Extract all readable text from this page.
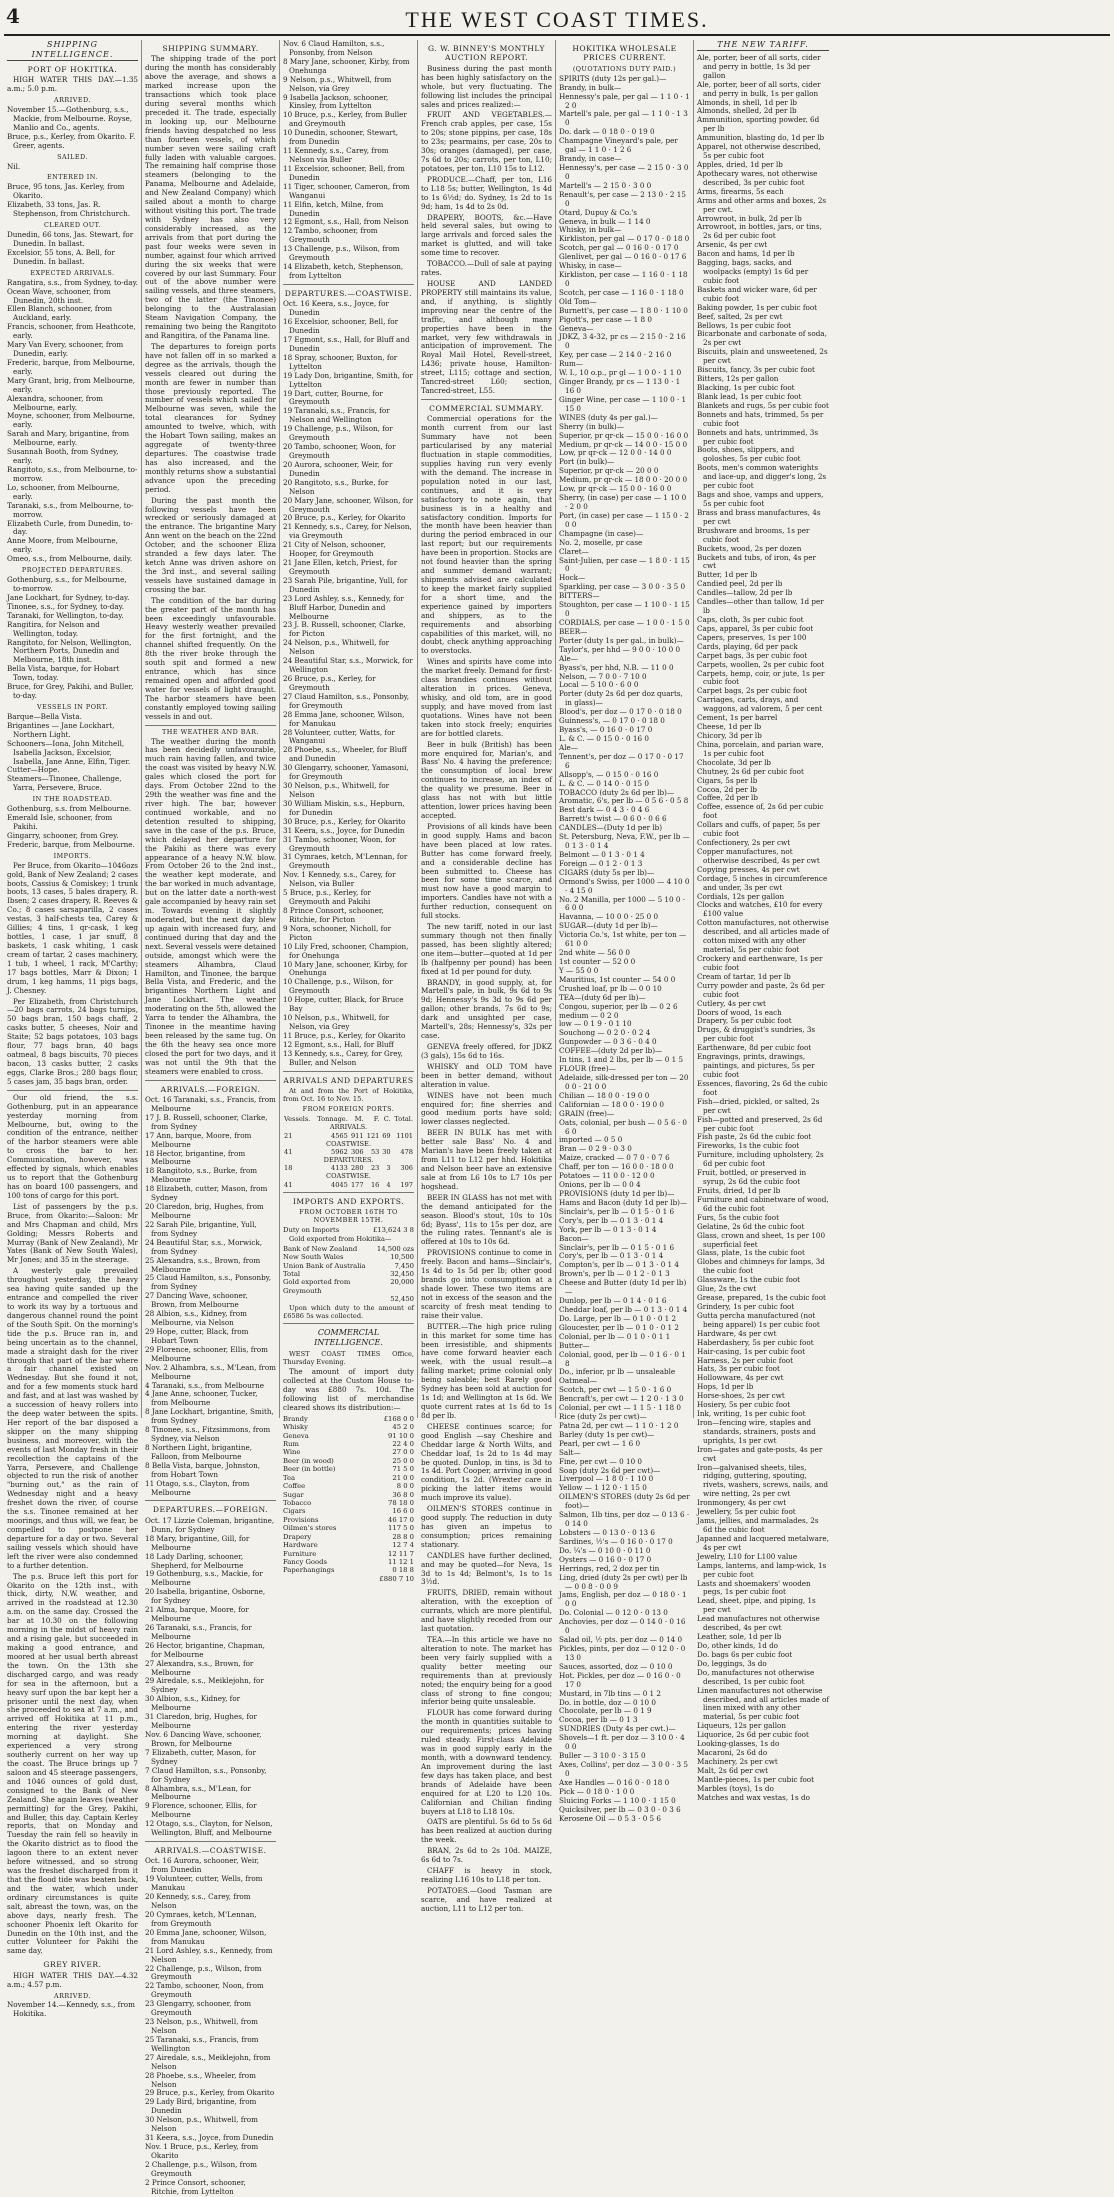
4	THE WEST COAST TIMES.
SHIPPING INTELLIGENCE.
PORT OF HOKITIKA.
HIGH WATER THIS DAY.—1.35 a.m.; 5.0 p.m.
ARRIVED.
November 15.—Gothenburg, s.s., Mackie, from Melbourne. Royse, Manlio and Co., agents.
Bruce, p.s., Kerley, from Okarito. F. Greer, agents.
SAILED.
Nil.
ENTERED IN.
Bruce, 95 tons, Jas. Kerley, from Okarito.
Elizabeth, 33 tons, Jas. R. Stephenson, from Christchurch.
CLEARED OUT.
Dunedin, 66 tons, Jas. Stewart, for Dunedin. In ballast.
Excelsior, 55 tons, A. Bell, for Dunedin. In ballast.
EXPECTED ARRIVALS.
Rangatira, s.s., from Sydney, to-day.
Ocean Wave, schooner, from Dunedin, 20th inst.
Ellen Blanch, schooner, from Auckland, early.
Francis, schooner, from Heathcote, early.
Mary Van Every, schooner, from Dunedin, early.
Frederic, barque, from Melbourne, early.
Mary Grant, brig, from Melbourne, early.
Alexandra, schooner, from Melbourne, early.
Moyne, schooner, from Melbourne, early.
Sarah and Mary, brigantine, from Melbourne, early.
Susannah Booth, from Sydney, early.
Rangitoto, s.s., from Melbourne, to-morrow.
Lo, schooner, from Melbourne, early.
Taranaki, s.s., from Melbourne, to-morrow.
Elizabeth Curle, from Dunedin, to-day.
Anne Moore, from Melbourne, early.
Omeo, s.s., from Melbourne, daily.
PROJECTED DEPARTURES.
Gothenburg, s.s., for Melbourne, to-morrow.
Jane Lockhart, for Sydney, to-day.
Tinonee, s.s., for Sydney, to-day.
Taranaki, for Wellington, to-day.
Rangitira, for Nelson and Wellington, today.
Rangitoto, for Nelson, Wellington, Northern Ports, Dunedin and Melbourne, 18th inst.
Bella Vista, barque, for Hobart Town, today.
Bruce, for Grey, Pakihi, and Buller, to-day.
VESSELS IN PORT.
Barque—Bella Vista.
Brigantines — Jane Lockhart, Northern Light.
Schooners—Iona, John Mitchell, Isabella Jackson, Excelsior, Isabella, Jane Anne, Elfin, Tiger.
Cutter—Hope.
Steamers—Tinonee, Challenge, Yarra, Persevere, Bruce.
IN THE ROADSTEAD.
Gothenburg, s.s. from Melbourne.
Emerald Isle, schooner, from Pakihi.
Gingarry, schooner, from Grey.
Frederic, barque, from Melbourne.
IMPORTS.
Per Bruce, from Okarito—1046ozs gold, Bank of New Zealand; 2 cases boots, Cassius & Comiskey; 1 trunk boots, 13 cases, 5 bales drapery, R. Ibsen; 2 cases drapery, R. Reeves & Co.; 8 cases sarsaparilla, 2 cases vestas, 3 half-chests tea, Carey & Gillies; 4 tins, 1 qr-cask, 1 keg bottles, 1 case, 1 jar snuff, 8 baskets, 1 cask whiting, 1 cask cream of tartar, 2 cases machinery, 1 tub, 1 wheel, 1 rack, M'Carthy; 17 bags bottles, Marr & Dixon; 1 drum, 1 keg hamms, 11 pigs bags, J. Chesney.
Per Elizabeth, from Christchurch—20 bags carrots, 24 bags turnips, 50 bags bran, 150 bags chaff, 2 casks butter, 5 cheeses, Noir and Staite; 52 bags potatoes, 103 bags flour, 77 bags bran, 40 bags oatmeal, 8 bags biscuits, 70 pieces bacon, 13 casks butter, 2 casks eggs, Clarke Bros.; 280 bags flour, 5 cases jam, 35 bags bran, order.
Our old friend, the s.s. Gothenburg, put in an appearance yesterday morning from Melbourne, but, owing to the condition of the entrance, neither of the harbor steamers were able to cross the bar to her. Communication, however, was effected by signals, which enables us to report that the Gothenburg has on board 100 passengers, and 100 tons of cargo for this port.
List of passengers by the p.s. Bruce, from Okarito:—Saloon: Mr and Mrs Chapman and child, Mrs Golding; Messrs Roberts and Murray (Bank of New Zealand), Mr Yates (Bank of New South Wales), Mr Jones; and 35 in the steerage.
A westerly gale prevailed throughout yesterday, the heavy sea having quite sanded up the entrance and compelled the river to work its way by a tortuous and dangerous channel round the point of the South Spit. On the morning's tide the p.s. Bruce ran in, and being uncertain as to the channel, made a straight dash for the river through that part of the bar where a fair channel existed on Wednesday. But she found it not, and for a few moments stuck hard and fast, and at last was washed by a succession of heavy rollers into the deep water between the spits. Her report of the bar disposed a skipper on the many shipping business, and moreover, with the events of last Monday fresh in their recollection the captains of the Yarra, Persevere, and Challenge objected to run the risk of another "burning out," as the rain of Wednesday night and a heavy freshet down the river, of course the s.s. Tinonee remained at her moorings, and thus will, we fear, be compelled to postpone her departure for a day or two. Several sailing vessels which should have left the river were also condemned to a further detention.
The p.s. Bruce left this port for Okarito on the 12th inst., with thick, dirty, N.W. weather, and arrived in the roadstead at 12.30 a.m. on the same day. Crossed the bar at 10.30 on the following morning in the midst of heavy rain and a rising gale, but succeeded in making a good entrance, and moored at her usual berth abreast the town. On the 13th she discharged cargo, and was ready for sea in the afternoon, but a heavy surf upon the bar kept her a prisoner until the next day, when she proceeded to sea at 7 a.m., and arrived off Hokitika at 11 p.m., entering the river yesterday morning at daylight. She experienced a very strong southerly current on her way up the coast. The Bruce brings up 7 saloon and 45 steerage passengers, and 1046 ounces of gold dust, consigned to the Bank of New Zealand. She again leaves (weather permitting) for the Grey, Pakihi, and Buller, this day. Captain Kerley reports, that on Monday and Tuesday the rain fell so heavily in the Okarito district as to flood the lagoon there to an extent never before witnessed, and so strong was the freshet discharged from it that the flood tide was beaten back, and the water, which under ordinary circumstances is quite salt, abreast the town, was, on the above days, nearly fresh. The schooner Phoenix left Okarito for Dunedin on the 10th inst, and the cutter Volunteer for Pakihi the same day.
GREY RIVER.
HIGH WATER THIS DAY.—4.32 a.m.; 4.57 p.m.
ARRIVED.
November 14.—Kennedy, s.s., from Hokitika.
SHIPPING SUMMARY.
The shipping trade of the port during the month has considerably above the average, and shows a marked increase upon the transactions which took place during several months which preceded it. The trade, especially in looking up, our Melbourne friends having despatched no less than fourteen vessels, of which number seven were sailing craft fully laden with valuable cargoes. The remaining half comprise those steamers (belonging to the Panama, Melbourne and Adelaide, and New Zealand Company) which sailed about a month to charge without visiting this port. The trade with Sydney has also very considerably increased, as the arrivals from that port during the past four weeks were seven in number, against four which arrived during the six weeks that were covered by our last Summary. Four out of the above number were sailing vessels, and three steamers, two of the latter (the Tinonee) belonging to the Australasian Steam Navigation Company, the remaining two being the Rangitoto and Rangitira, of the Panama line.
The departures to foreign ports have not fallen off in so marked a degree as the arrivals, though the vessels cleared out during the month are fewer in number than those previously reported. The number of vessels which sailed for Melbourne was seven, while the total clearances for Sydney amounted to twelve, which, with the Hobart Town sailing, makes an aggregate of twenty-three departures. The coastwise trade has also increased, and the monthly returns show a substantial advance upon the preceding period.
During the past month the following vessels have been wrecked or seriously damaged at the entrance. The brigantine Mary Ann went on the beach on the 22nd October, and the schooner Eliza stranded a few days later. The ketch Anne was driven ashore on the 3rd inst., and several sailing vessels have sustained damage in crossing the bar.
The condition of the bar during the greater part of the month has been exceedingly unfavourable. Heavy westerly weather prevailed for the first fortnight, and the channel shifted frequently. On the 8th the river broke through the south spit and formed a new entrance, which has since remained open and afforded good water for vessels of light draught. The harbor steamers have been constantly employed towing sailing vessels in and out.
THE WEATHER AND BAR.
The weather during the month has been decidedly unfavourable, much rain having fallen, and twice the coast was visited by heavy N.W. gales which closed the port for days. From October 22nd to the 29th the weather was fine and the river high. The bar, however continued workable, and no detention resulted to shipping, save in the case of the p.s. Bruce, which delayed her departure for the Pakihi as there was every appearance of a heavy N.W. blow. From October 26 to the 2nd inst., the weather kept moderate, and the bar worked in much advantage, but on the latter date a north-west gale accompanied by heavy rain set in. Towards evening it slightly moderated, but the next day blew up again with increased fury, and continued during that day and the next. Several vessels were detained outside, amongst which were the steamers Alhambra, Claud Hamilton, and Tinonee, the barque Bella Vista, and Frederic, and the brigantines Northern Light and Jane Lockhart. The weather moderating on the 5th, allowed the Yarra to tender the Alhambra, the Tinonee in the meantime having been released by the same tug. On the 6th the heavy sea once more closed the port for two days, and it was not until the 9th that the steamers were enabled to cross.
ARRIVALS.—FOREIGN.
Oct. 16 Taranaki, s.s., Francis, from Melbourne
17 J. B. Russell, schooner, Clarke, from Sydney
17 Ann, barque, Moore, from Melbourne
18 Hector, brigantine, from Melbourne
18 Rangitoto, s.s., Burke, from Melbourne
18 Elizabeth, cutter, Mason, from Sydney
20 Claredon, brig, Hughes, from Melbourne
22 Sarah Pile, brigantine, Yull, from Sydney
24 Beautiful Star, s.s., Morwick, from Sydney
25 Alexandra, s.s., Brown, from Melbourne
25 Claud Hamilton, s.s., Ponsonby, from Sydney
27 Dancing Wave, schooner, Brown, from Melbourne
28 Albion, s.s., Kidney, from Melbourne, via Nelson
29 Hope, cutter, Black, from Hobart Town
29 Florence, schooner, Ellis, from Melbourne
Nov. 2 Alhambra, s.s., M'Lean, from Melbourne
4 Taranaki, s.s., from Melbourne
4 Jane Anne, schooner, Tucker, from Melbourne
8 Jane Lockhart, brigantine, Smith, from Sydney
8 Tinonee, s.s., Fitzsimmons, from Sydney, via Nelson
8 Northern Light, brigantine, Falloon, from Melbourne
8 Bella Vista, barque, Johnston, from Hobart Town
11 Otago, s.s., Clayton, from Melbourne
DEPARTURES.—FOREIGN.
Oct. 17 Lizzie Coleman, brigantine, Dunn, for Sydney
18 Mary, brigantine, Gill, for Melbourne
18 Lady Darling, schooner, Shepherd, for Melbourne
19 Gothenburg, s.s., Mackie, for Melbourne
20 Isabella, brigantine, Osborne, for Sydney
21 Alma, barque, Moore, for Melbourne
26 Taranaki, s.s., Francis, for Melbourne
26 Hector, brigantine, Chapman, for Melbourne
27 Alexandra, s.s., Brown, for Melbourne
29 Airedale, s.s., Meiklejohn, for Sydney
30 Albion, s.s., Kidney, for Melbourne
31 Claredon, brig, Hughes, for Melbourne
Nov. 6 Dancing Wave, schooner, Brown, for Melbourne
7 Elizabeth, cutter, Mason, for Sydney
7 Claud Hamilton, s.s., Ponsonby, for Sydney
8 Alhambra, s.s., M'Lean, for Melbourne
9 Florence, schooner, Ellis, for Melbourne
12 Otago, s.s., Clayton, for Nelson, Wellington, Bluff, and Melbourne
ARRIVALS.—COASTWISE.
Oct. 16 Aurora, schooner, Weir, from Dunedin
19 Volunteer, cutter, Wells, from Manukau
20 Kennedy, s.s., Carey, from Nelson
20 Cymraes, ketch, M'Lennan, from Greymouth
20 Emma Jane, schooner, Wilson, from Manukau
21 Lord Ashley, s.s., Kennedy, from Nelson
22 Challenge, p.s., Wilson, from Greymouth
22 Tambo, schooner, Noon, from Greymouth
23 Glengarry, schooner, from Greymouth
23 Nelson, p.s., Whitwell, from Nelson
25 Taranaki, s.s., Francis, from Wellington
27 Airedale, s.s., Meiklejohn, from Nelson
28 Phoebe, s.s., Wheeler, from Nelson
29 Bruce, p.s., Kerley, from Okarito
29 Lady Bird, brigantine, from Dunedin
30 Nelson, p.s., Whitwell, from Nelson
31 Keera, s.s., Joyce, from Dunedin
Nov. 1 Bruce, p.s., Kerley, from Okarito
2 Challenge, p.s., Wilson, from Greymouth
2 Prince Consort, schooner, Ritchie, from Lyttelton
Nov. 6 Claud Hamilton, s.s., Ponsonby, from Nelson
8 Mary Jane, schooner, Kirby, from Onehunga
9 Nelson, p.s., Whitwell, from Nelson, via Grey
9 Isabella Jackson, schooner, Kinsley, from Lyttelton
10 Bruce, p.s., Kerley, from Buller and Greymouth
10 Dunedin, schooner, Stewart, from Dunedin
11 Kennedy, s.s., Carey, from Nelson via Buller
11 Excelsior, schooner, Bell, from Dunedin
11 Tiger, schooner, Cameron, from Wanganui
11 Elfin, ketch, Milne, from Dunedin
12 Egmont, s.s., Hall, from Nelson
12 Tambo, schooner, from Greymouth
13 Challenge, p.s., Wilson, from Greymouth
14 Elizabeth, ketch, Stephenson, from Lyttelton
DEPARTURES.—COASTWISE.
Oct. 16 Keera, s.s., Joyce, for Dunedin
16 Excelsior, schooner, Bell, for Dunedin
17 Egmont, s.s., Hall, for Bluff and Dunedin
18 Spray, schooner, Buxton, for Lyttelton
19 Lady Don, brigantine, Smith, for Lyttelton
19 Dart, cutter, Bourne, for Greymouth
19 Taranaki, s.s., Francis, for Nelson and Wellington
19 Challenge, p.s., Wilson, for Greymouth
20 Tambo, schooner, Woon, for Greymouth
20 Aurora, schooner, Weir, for Dunedin
20 Rangitoto, s.s., Burke, for Nelson
20 Mary Jane, schooner, Wilson, for Greymouth
20 Bruce, p.s., Kerley, for Okarito
21 Kennedy, s.s., Carey, for Nelson, via Greymouth
21 City of Nelson, schooner, Hooper, for Greymouth
21 Jane Ellen, ketch, Priest, for Greymouth
23 Sarah Pile, brigantine, Yull, for Dunedin
23 Lord Ashley, s.s., Kennedy, for Bluff Harbor, Dunedin and Melbourne
23 J. B. Russell, schooner, Clarke, for Picton
24 Nelson, p.s., Whitwell, for Nelson
24 Beautiful Star, s.s., Morwick, for Wellington
26 Bruce, p.s., Kerley, for Greymouth
27 Claud Hamilton, s.s., Ponsonby, for Greymouth
28 Emma Jane, schooner, Wilson, for Manukau
28 Volunteer, cutter, Watts, for Wanganui
28 Phoebe, s.s., Wheeler, for Bluff and Dunedin
30 Glengarry, schooner, Yamasoni, for Greymouth
30 Nelson, p.s., Whitwell, for Nelson
30 William Miskin, s.s., Hepburn, for Dunedin
30 Bruce, p.s., Kerley, for Okarito
31 Keera, s.s., Joyce, for Dunedin
31 Tambo, schooner, Woon, for Greymouth
31 Cymraes, ketch, M'Lennan, for Greymouth
Nov. 1 Kennedy, s.s., Carey, for Nelson, via Buller
5 Bruce, p.s., Kerley, for Greymouth and Pakihi
8 Prince Consort, schooner, Ritchie, for Picton
9 Nora, schooner, Nicholl, for Picton
10 Lily Fred, schooner, Champion, for Onehunga
10 Mary Jane, schooner, Kirby, for Onehunga
10 Challenge, p.s., Wilson, for Greymouth
10 Hope, cutter, Black, for Bruce Bay
10 Nelson, p.s., Whitwell, for Nelson, via Grey
11 Bruce, p.s., Kerley, for Okarito
12 Egmont, s.s., Hall, for Bluff
13 Kennedy, s.s., Carey, for Grey, Buller, and Nelson
ARRIVALS AND DEPARTURES
At and from the Port of Hokitika, from Oct. 16 to Nov. 15.
FROM FOREIGN PORTS.
Vessels.	Tonnage.	M.	F.	C.	Total.
ARRIVALS.					
21	4565	911	121	69	1101
COASTWISE.					
41	5962	306	53	30	478
DEPARTURES.					
18	4133	280	23	3	306
COASTWISE.					
41	4045	177	16	4	197
IMPORTS AND EXPORTS.
FROM OCTOBER 16TH TO NOVEMBER 15TH.
Duty on Imports	£13,624 3 8
Gold exported from Hokitika—
Bank of New Zealand	14,500 ozs
New South Wales	10,500
Union Bank of Australia	7,450
Total	32,450
Gold exported from Greymouth
20,000
52,450
Upon which duty to the amount of £6586 5s was collected.
COMMERCIAL INTELLIGENCE.
WEST COAST TIMES Office, Thursday Evening.
The amount of import duty collected at the Custom House to-day was £880 7s. 10d. The following list of merchandise cleared shows its distribution:—
Brandy	£168 0 0
Whisky	45 2 0
Geneva	91 10 0
Rum	22 4 0
Wine	27 0 0
Beer (in wood)	25 0 0
Beer (in bottle)	71 5 0
Tea	21 0 0
Coffee	8 0 0
Sugar	36 8 0
Tobacco	78 18 0
Cigars	16 6 0
Provisions	46 17 0
Oilmen's stores	117 5 0
Drapery	28 8 0
Hardware	12 7 4
Furniture	12 11 7
Fancy Goods	11 12 1
Paperhangings	0 18 8
£880 7 10
G. W. BINNEY'S MONTHLY AUCTION REPORT.
Business during the past month has been highly satisfactory on the whole, but very fluctuating. The following list includes the principal sales and prices realized:—
FRUIT AND VEGETABLES.—French crab apples, per case, 15s to 20s; stone pippins, per case, 18s to 23s; pearmains, per case, 20s to 30s; oranges (damaged), per case, 7s 6d to 20s; carrots, per ton, L10; potatoes, per ton, L10 15s to L12.
PRODUCE.—Chaff, per ton, L16 to L18 5s; butter, Wellington, 1s 4d to 1s 6½d; do. Sydney, 1s 2d to 1s 9d; ham, 1s 4d to 2s 0d.
DRAPERY, BOOTS, &c.—Have held several sales, but owing to large arrivals and forced sales the market is glutted, and will take some time to recover.
TOBACCO.—Dull of sale at paying rates.
HOUSE AND LANDED PROPERTY still maintains its value, and, if anything, is slightly improving near the centre of the traffic, and although many properties have been in the market, very few withdrawals in anticipation of improvement. The Royal Mail Hotel, Revell-street, L436; private house, Hamilton-street, L115; cottage and section, Tancred-street L60; section, Tancred-street, L55.
COMMERCIAL SUMMARY.
Commercial operations for the month current from our last Summary have not been particularised by any material fluctuation in staple commodities, supplies having run very evenly with the demand. The increase in population noted in our last, continues, and it is very satisfactory to note again, that business is in a healthy and satisfactory condition. Imports for the month have been heavier than during the period embraced in our last report; but our requirements have been in proportion. Stocks are not found heavier than the spring and summer demand warrant; shipments advised are calculated to keep the market fairly supplied for a short time, and the experience gained by importers and shippers, as to the requirements and absorbing capabilities of this market, will, no doubt, check anything approaching to overstocks.
Wines and spirits have come into the market freely. Demand for first-class brandies continues without alteration in prices. Geneva, whisky, and old tom, are in good supply, and have moved from last quotations. Wines have not been taken into stock freely; enquiries are for bottled clarets.
Beer in bulk (British) has been more enquired for, Marian's, and Bass' No. 4 having the preference; the consumption of local brew continues to increase, an index of the quality we presume. Beer in glass has not with but little attention, lower prices having been accepted.
Provisions of all kinds have been in good supply. Hams and bacon have been placed at low rates. Butter has come forward freely, and a considerable decline has been submitted to. Cheese has been for some time scarce, and must now have a good margin to importers. Candles have not with a further reduction, consequent on full stocks.
The new tariff, noted in our last summary though not then finally passed, has been slightly altered; one item—butter—quoted at 1d per lb (halfpenny per pound) has been fixed at 1d per pound for duty.
BRANDY, in good supply, at, for Martell's pale, in bulk, 9s 6d to 9s 9d; Hennessy's 9s 3d to 9s 6d per gallon; other brands, 7s 6d to 9s; dark and unsighted per case, Martell's, 28s; Hennessy's, 32s per case.
GENEVA freely offered, for JDKZ (3 gals), 15s 6d to 16s.
WHISKY and OLD TOM have been in better demand, without alteration in value.
WINES have not been much enquired for; fine sherries and good medium ports have sold; lower classes neglected.
BEER IN BULK has met with better sale Bass' No. 4 and Marian's have been freely taken at from L11 to L12 per hhd. Hokitika and Nelson beer have an extensive sale at from L6 10s to L7 10s per hogshead.
BEER IN GLASS has not met with the demand anticipated for the season. Blood's stout, 10s to 10s 6d; Byass', 11s to 15s per doz, are the ruling rates. Tennant's ale is offered at 10s to 10s 6d.
PROVISIONS continue to come in freely. Bacon and hams—Sinclair's, 1s 4d to 1s 5d per lb; other good brands go into consumption at a shade lower. These two items are not in excess of the season and the scarcity of fresh meat tending to raise their value.
BUTTER.—The high price ruling in this market for some time has been irresistible, and shipments have come forward heavier each week, with the usual result—a falling market; prime colonial only being saleable; best Rarely good Sydney has been sold at auction for 1s 1d; and Wellington at 1s 6d. We quote current rates at 1s 6d to 1s 8d per lb.
CHEESE continues scarce; for good English —say Cheshire and Cheddar large & North Wilts, and Cheddar loaf, 1s 2d to 1s 4d may be quoted. Dunlop, in tins, is 3d to 1s 4d. Port Cooper, arriving in good condition, 1s 2d. (Wrexter care in picking the latter items would much improve its value).
OILMEN'S STORES continue in good supply. The reduction in duty has given an impetus to consumption; prices remaining stationary.
CANDLES have further declined, and may be quoted—for Neva, 1s 3d to 1s 4d; Belmont's, 1s to 1s 3½d.
FRUITS, DRIED, remain without alteration, with the exception of currants, which are more plentiful, and have slightly receded from our last quotation.
TEA.—In this article we have no alteration to note. The market has been very fairly supplied with a quality better meeting our requirements than at previously noted; the enquiry being for a good class of strong to fine congou; inferior being quite unsaleable.
FLOUR has come forward during the month in quantities suitable to our requirements; prices having ruled steady. First-class Adelaide was in good supply early in the month, with a downward tendency. An improvement during the last few days has taken place, and best brands of Adelaide have been enquired for at L20 to L20 10s. Californian and Chilian finding buyers at L18 to L18 10s.
OATS are plentiful. 5s 6d to 5s 6d has been realized at auction during the week.
BRAN, 2s 6d to 2s 10d. MAIZE, 6s 6d to 7s.
CHAFF is heavy in stock, realizing L16 10s to L18 per ton.
POTATOES.—Good Tasman are scarce, and have realized at auction, L11 to L12 per ton.
HOKITIKA WHOLESALE PRICES CURRENT.
(QUOTATIONS DUTY PAID.)
SPIRITS (duty 12s per gal.)—
Brandy, in bulk—
Hennessy's pale, per gal — 1 1 0 · 1 2 0
Martell's pale, per gal — 1 1 0 · 1 3 0
Do. dark — 0 18 0 · 0 19 0
Champagne Vineyard's pale, per gal — 1 1 0 · 1 2 6
Brandy, in case—
Hennessy's, per case — 2 15 0 · 3 0 0
Martell's — 2 15 0 · 3 0 0
Renault's, per case — 2 13 0 · 2 15 0
Otard, Dupuy & Co.'s
Geneva, in bulk — 1 14 0
Whisky, in bulk—
Kirkliston, per gal — 0 17 0 · 0 18 0
Scotch, per gal — 0 16 0 · 0 17 0
Glenlivet, per gal — 0 16 0 · 0 17 6
Whisky, in case—
Kirkliston, per case — 1 16 0 · 1 18 0
Scotch, per case — 1 16 0 · 1 18 0
Old Tom—
Burnett's, per case — 1 8 0 · 1 10 0
Pigott's, per case — 1 8 0
Geneva—
JDKZ, 3 4-32, pr cs — 2 15 0 · 2 16 0
Key, per case — 2 14 0 · 2 16 0
Rum—
W. I., 10 o.p., pr gl — 1 0 0 · 1 1 0
Ginger Brandy, pr cs — 1 13 0 · 1 16 0
Ginger Wine, per case — 1 10 0 · 1 15 0
WINES (duty 4s per gal.)—
Sherry (in bulk)—
Superior, pr qr-ck — 15 0 0 · 16 0 0
Medium, pr qr-ck — 14 0 0 · 15 0 0
Low, pr qr-ck — 12 0 0 · 14 0 0
Port (in bulk)—
Superior, pr qr-ck — 20 0 0
Medium, pr qr-ck — 18 0 0 · 20 0 0
Low, pr qr-ck — 15 0 0 · 16 0 0
Sherry, (in case) per case — 1 10 0 · 2 0 0
Port, (in case) per case — 1 15 0 · 2 0 0
Champagne (in case)—
No. 2, moselle, pr case
Claret—
Saint-Julien, per case — 1 8 0 · 1 15 0
Hock—
Sparkling, per case — 3 0 0 · 3 5 0
BITTERS—
Stoughton, per case — 1 10 0 · 1 15 0
CORDIALS, per case — 1 0 0 · 1 5 0
BEER—
Porter (duty 1s per gal., in bulk)—
Taylor's, per hhd — 9 0 0 · 10 0 0
Ale—
Byass's, per hhd, N.B. — 11 0 0
Nelson, — 7 0 0 · 7 10 0
Local — 5 10 0 · 6 0 0
Porter (duty 2s 6d per doz quarts, in glass)—
Blood's, per doz — 0 17 0 · 0 18 0
Guinness's, — 0 17 0 · 0 18 0
Byass's, — 0 16 0 · 0 17 0
L. & C. — 0 15 0 · 0 16 0
Ale—
Tennent's, per doz — 0 17 0 · 0 17 6
Allsopp's, — 0 15 0 · 0 16 0
L. & C. — 0 14 0 · 0 15 0
TOBACCO (duty 2s 6d per lb)—
Aromatic, 6's, per lb — 0 5 6 · 0 5 8
Best dark — 0 4 3 · 0 4 6
Barrett's twist — 0 6 0 · 0 6 6
CANDLES—(Duty 1d per lb)
St. Petersburg, Neva, F.W., per lb — 0 1 3 · 0 1 4
Belmont — 0 1 3 · 0 1 4
Foreign — 0 1 2 · 0 1 3
CIGARS (duty 5s per lb)—
Ormond's Swiss, per 1000 — 4 10 0 · 4 15 0
No. 2 Manilla, per 1000 — 5 10 0 · 6 0 0
Havanna, — 10 0 0 · 25 0 0
SUGAR—(duty 1d per lb)—
Victoria Co.'s, 1st white, per ton — 61 0 0
2nd white — 56 0 0
1st counter — 52 0 0
Y — 55 0 0
Mauritius, 1st counter — 54 0 0
Crushed loaf, pr lb — 0 0 10
TEA—(duty 6d per lb)—
Congou, superior, per lb — 0 2 6
medium — 0 2 0
low — 0 1 9 · 0 1 10
Souchong — 0 2 0 · 0 2 4
Gunpowder — 0 3 6 · 0 4 0
COFFEE—(duty 2d per lb)—
In tins, 1 and 2 lbs, per lb — 0 1 5
FLOUR (free)—
Adelaide, silk-dressed per ton — 20 0 0 · 21 0 0
Chilian — 18 0 0 · 19 0 0
Californian — 18 0 0 · 19 0 0
GRAIN (free)—
Oats, colonial, per bush — 0 5 6 · 0 6 0
imported — 0 5 0
Bran — 0 2 9 · 0 3 0
Maize, cracked — 0 7 0 · 0 7 6
Chaff, per ton — 16 0 0 · 18 0 0
Potatoes — 11 0 0 · 12 0 0
Onions, per lb — 0 0 4
PROVISIONS (duty 1d per lb)—
Hams and Bacon (duty 1d per lb)—
Sinclair's, per lb — 0 1 5 · 0 1 6
Cory's, per lb — 0 1 3 · 0 1 4
York, per lb — 0 1 3 · 0 1 4
Bacon—
Sinclair's, per lb — 0 1 5 · 0 1 6
Cory's, per lb — 0 1 3 · 0 1 4
Compton's, per lb — 0 1 3 · 0 1 4
Brown's, per lb — 0 1 2 · 0 1 3
Cheese and Butter (duty 1d per lb)—
Dunlop, per lb — 0 1 4 · 0 1 6
Cheddar loaf, per lb — 0 1 3 · 0 1 4
Do. Large, per lb — 0 1 0 · 0 1 2
Gloucester, per lb — 0 1 0 · 0 1 2
Colonial, per lb — 0 1 0 · 0 1 1
Butter—
Colonial, good, per lb — 0 1 6 · 0 1 8
Do., inferior, pr lb — unsaleable
Oatmeal—
Scotch, per cwt — 1 5 0 · 1 6 0
Bencraft's, per cwt — 1 2 0 · 1 3 0
Colonial, per cwt — 1 1 5 · 1 18 0
Rice (duty 2s per cwt)—
Patna 2d, per cwt — 1 1 0 · 1 2 0
Barley (duty 1s per cwt)—
Pearl, per cwt — 1 6 0
Salt—
Fine, per cwt — 0 10 0
Soap (duty 2s 6d per cwt)—
Liverpool — 1 8 0 · 1 10 0
Yellow — 1 12 0 · 1 15 0
OILMEN'S STORES (duty 2s 6d per foot)—
Salmon, 1lb tins, per doz — 0 13 6 · 0 14 0
Lobsters — 0 13 0 · 0 13 6
Sardines, ½'s — 0 16 0 · 0 17 0
Do. ¼'s — 0 10 0 · 0 11 0
Oysters — 0 16 0 · 0 17 0
Herrings, red, 2 doz per tin
Ling, dried (duty 2s per cwt) per lb — 0 0 8 · 0 0 9
Jams, English, per doz — 0 18 0 · 1 0 0
Do. Colonial — 0 12 0 · 0 13 0
Anchovies, per doz — 0 14 0 · 0 16 0
Salad oil, ½ pts. per doz — 0 14 0
Pickles, pints, per doz — 0 12 0 · 0 13 0
Sauces, assorted, doz — 0 10 0
Hot. Pickles, per doz — 0 16 0 · 0 17 0
Mustard, in 7lb tins — 0 1 2
Do. in bottle, doz — 0 10 0
Chocolate, per lb — 0 1 9
Cocoa, per lb — 0 1 3
SUNDRIES (Duty 4s per cwt.)—
Shovels—1 ft. per doz — 3 10 0 · 4 0 0
Buller — 3 10 0 · 3 15 0
Axes, Collins', per doz — 3 0 0 · 3 5 0
Axe Handles — 0 16 0 · 0 18 0
Pick — 0 18 0 · 1 0 0
Sluicing Forks — 1 10 0 · 1 15 0
Quicksilver, per lb — 0 3 0 · 0 3 6
Kerosene Oil — 0 5 3 · 0 5 6
THE NEW TARIFF.
Ale, porter, beer of all sorts, cider and perry in bottle, 1s 3d per gallon
Ale, porter, beer of all sorts, cider and perry in bulk, 1s per gallon
Almonds, in shell, 1d per lb
Almonds, shelled, 2d per lb
Ammunition, sporting powder, 6d per lb
Ammunition, blasting do, 1d per lb
Apparel, not otherwise described, 5s per cubic foot
Apples, dried, 1d per lb
Apothecary wares, not otherwise described, 3s per cubic foot
Arms, firearms, 5s each
Arms and other arms and boxes, 2s per cwt.
Arrowroot, in bulk, 2d per lb
Arrowroot, in bottles, jars, or tins, 2s 6d per cubic foot
Arsenic, 4s per cwt
Bacon and hams, 1d per lb
Bagging, bags, sacks, and woolpacks (empty) 1s 6d per cubic foot
Baskets and wicker ware, 6d per cubic foot
Baking powder, 1s per cubic foot
Beef, salted, 2s per cwt
Bellows, 1s per cubic foot
Bicarbonate and carbonate of soda, 2s per cwt
Biscuits, plain and unsweetened, 2s per cwt
Biscuits, fancy, 3s per cubic foot
Bitters, 12s per gallon
Blacking, 1s per cubic foot
Blank lead, 1s per cubic foot
Blankets and rugs, 5s per cubic foot
Bonnets and hats, trimmed, 5s per cubic foot
Bonnets and hats, untrimmed, 3s per cubic foot
Boots, shoes, slippers, and goloshes, 5s per cubic foot
Boots, men's common waterights and lace-up, and digger's long, 2s per cubic foot
Bags and shoe, vamps and uppers, 5s per cubic foot
Brass and brass manufactures, 4s per cwt
Brushware and brooms, 1s per cubic foot
Buckets, wood, 2s per dozen
Buckets and tubs, of iron, 4s per cwt
Butter, 1d per lb
Candied peel, 2d per lb
Candles—tallow, 2d per lb
Candles—other than tallow, 1d per lb
Caps, cloth, 3s per cubic foot
Caps, apparel, 3s per cubic foot
Capers, preserves, 1s per 100
Cards, playing, 6d per pack
Carpet bags, 3s per cubic foot
Carpets, woollen, 2s per cubic foot
Carpets, hemp, coir, or jute, 1s per cubic foot
Carpet bags, 2s per cubic foot
Carriages, carts, drays, and waggons, ad valorem, 5 per cent
Cement, 1s per barrel
Cheese, 1d per lb
Chicory, 3d per lb
China, porcelain, and parian ware, 1s per cubic foot
Chocolate, 3d per lb
Chutney, 2s 6d per cubic foot
Cigars, 5s per lb
Cocoa, 2d per lb
Coffee, 2d per lb
Coffee, essence of, 2s 6d per cubic foot
Collars and cuffs, of paper, 5s per cubic foot
Confectionery, 2s per cwt
Copper manufactures, not otherwise described, 4s per cwt
Copying presses, 4s per cwt
Cordage, 5 inches in circumference and under, 3s per cwt
Cordials, 12s per gallon
Clocks and watches, £10 for every £100 value
Cotton manufactures, not otherwise described, and all articles made of cotton mixed with any other material, 5s per cubic foot
Crockery and earthenware, 1s per cubic foot
Cream of tartar, 1d per lb
Curry powder and paste, 2s 6d per cubic foot
Cutlery, 4s per cwt
Doors of wood, 1s each
Drapery, 5s per cubic foot
Drugs, & druggist's sundries, 3s per cubic foot
Earthenware, 8d per cubic foot
Engravings, prints, drawings, paintings, and pictures, 5s per cubic foot
Essences, flavoring, 2s 6d the cubic foot
Fish—dried, pickled, or salted, 2s per cwt
Fish—potted and preserved, 2s 6d per cubic foot
Fish paste, 2s 6d the cubic foot
Fireworks, 1s the cubic foot
Furniture, including upholstery, 2s 6d per cubic foot
Fruit, bottled, or preserved in syrup, 2s 6d the cubic foot
Fruits, dried, 1d per lb
Furniture and cabinetware of wood, 6d the cubic foot
Furs, 5s the cubic foot
Gelatine, 2s 6d the cubic foot
Glass, crown and sheet, 1s per 100 superficial feet
Glass, plate, 1s the cubic foot
Globes and chimneys for lamps, 3d the cubic foot
Glassware, 1s the cubic foot
Glue, 2s the cwt
Grease, prepared, 1s the cubic foot
Grindery, 1s per cubic foot
Gutta percha manufactured (not being apparel) 1s per cubic foot
Hardware, 4s per cwt
Haberdashery, 5s per cubic foot
Hair-casing, 1s per cubic foot
Harness, 2s per cubic foot
Hats, 3s per cubic foot
Hollowware, 4s per cwt
Hops, 1d per lb
Horse-shoes, 2s per cwt
Hosiery, 5s per cubic foot
Ink, writing, 1s per cubic foot
Iron—fencing wire, staples and standards, strainers, posts and uprights, 1s per cwt
Iron—gates and gate-posts, 4s per cwt
Iron—galvanised sheets, tiles, ridging, guttering, spouting, rivets, washers, screws, nails, and wire netting, 2s per cwt
Ironmongery, 4s per cwt
Jewellery, 5s per cubic foot
Jams, jellies, and marmalades, 2s 6d the cubic foot
Japanned and lacquered metalware, 4s per cwt
Jewelry, L10 for L100 value
Lamps, lanterns, and lamp-wick, 1s per cubic foot
Lasts and shoemakers' wooden pegs, 1s per cubic foot
Lead, sheet, pipe, and piping, 1s per cwt
Lead manufactures not otherwise described, 4s per cwt
Leather, sole, 1d per lb
Do, other kinds, 1d do
Do. bags 6s per cubic foot
Do, leggings, 3s do
Do, manufactures not otherwise described, 1s per cubic foot
Linen manufactures not otherwise described, and all articles made of linen mixed with any other material, 5s per cubic foot
Liqueurs, 12s per gallon
Liquorice, 2s 6d per cubic foot
Looking-glasses, 1s do
Macaroni, 2s 6d do
Machinery, 2s per cwt
Malt, 2s 6d per cwt
Mantle-pieces, 1s per cubic foot
Marbles (toys), 1s do
Matches and wax vestas, 1s do
